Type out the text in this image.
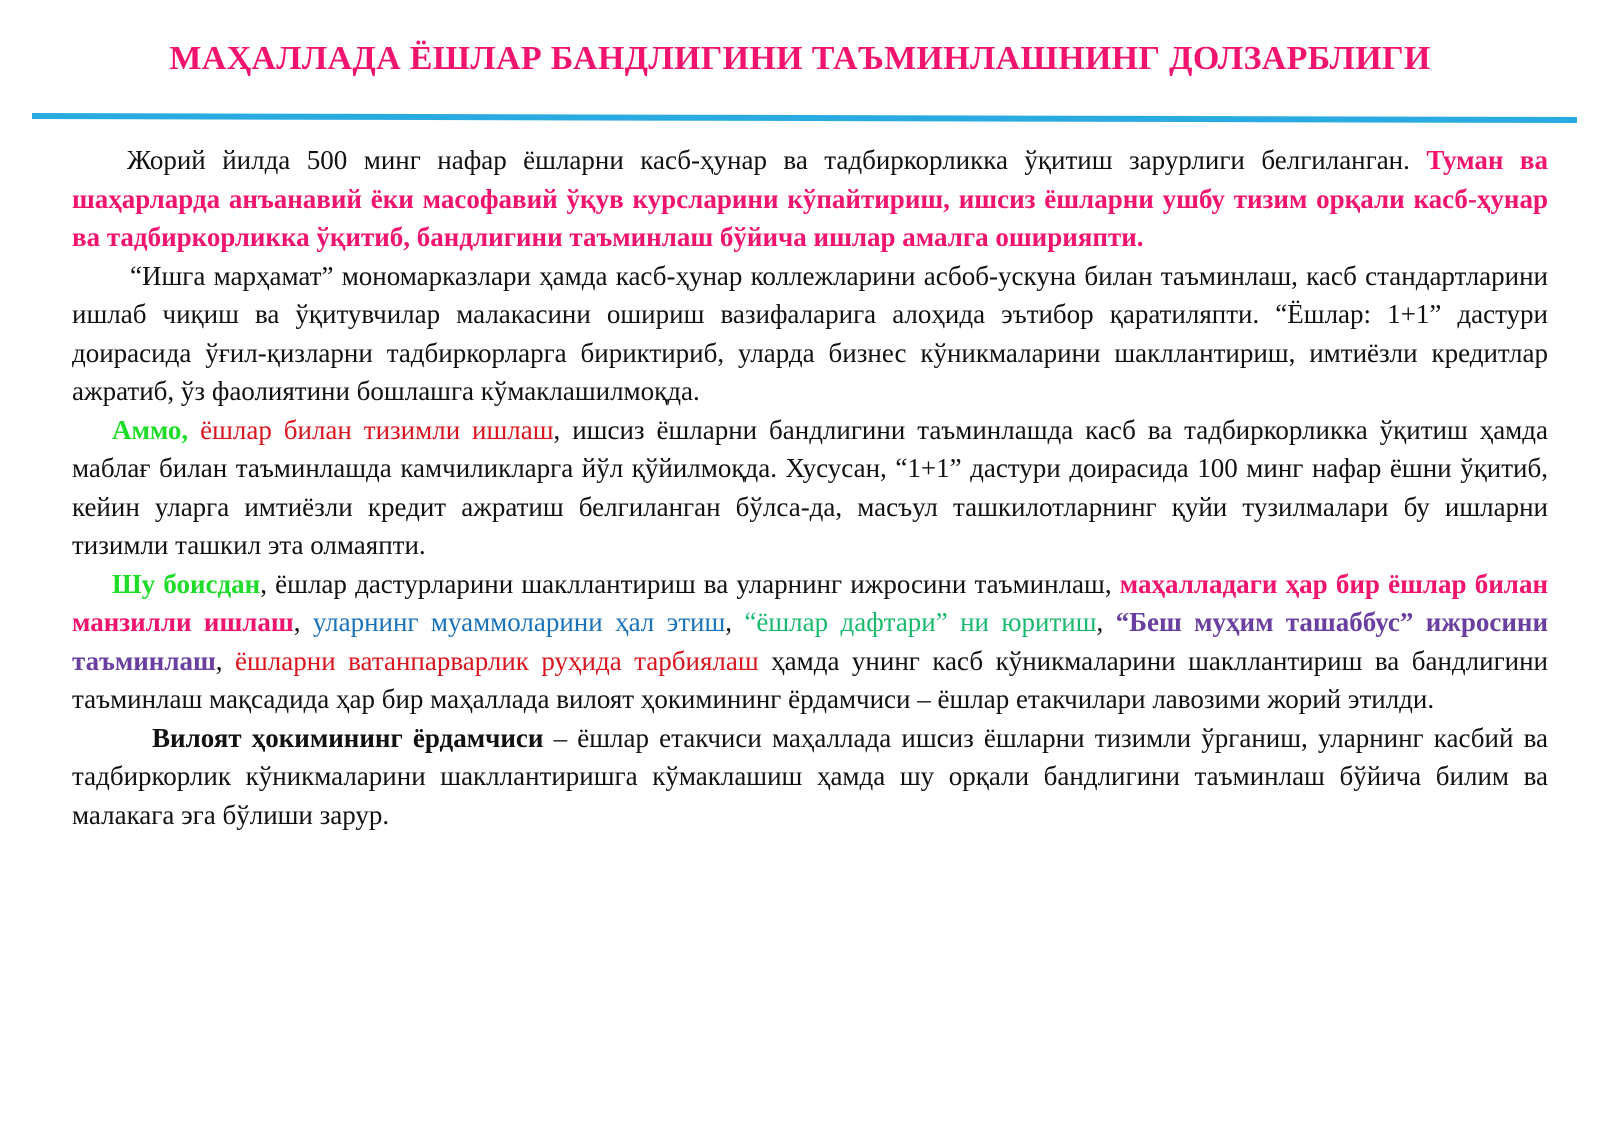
МАҲАЛЛАДА ЁШЛАР БАНДЛИГИНИ ТАЪМИНЛАШНИНГ ДОЛЗАРБЛИГИ

Жорий йилда 500 минг нафар ёшларни касб-ҳунар ва тадбиркорликка ўқитиш зарурлиги белгиланган. Туман ва шаҳарларда анъанавий ёки масофавий ўқув курсларини кўпайтириш, ишсиз ёшларни ушбу тизим орқали касб-ҳунар ва тадбиркорликка ўқитиб, бандлигини таъминлаш бўйича ишлар амалга оширияпти.

“Ишга марҳамат” мономарказлари ҳамда касб-ҳунар коллежларини асбоб-ускуна билан таъминлаш, касб стандартларини ишлаб чиқиш ва ўқитувчилар малакасини ошириш вазифаларига алоҳида эътибор қаратиляпти. “Ёшлар: 1+1” дастури доирасида ўғил-қизларни тадбиркорларга бириктириб, уларда бизнес кўникмаларини шакллантириш, имтиёзли кредитлар ажратиб, ўз фаолиятини бошлашга кўмаклашилмоқда.

Аммо, ёшлар билан тизимли ишлаш, ишсиз ёшларни бандлигини таъминлашда касб ва тадбиркорликка ўқитиш ҳамда маблағ билан таъминлашда камчиликларга йўл қўйилмоқда. Хусусан, “1+1” дастури доирасида 100 минг нафар ёшни ўқитиб, кейин уларга имтиёзли кредит ажратиш белгиланган бўлса-да, масъул ташкилотларнинг қуйи тузилмалари бу ишларни тизимли ташкил эта олмаяпти.

Шу боисдан, ёшлар дастурларини шакллантириш ва уларнинг ижросини таъминлаш, маҳалладаги ҳар бир ёшлар билан манзилли ишлаш, уларнинг муаммоларини ҳал этиш, “ёшлар дафтари” ни юритиш, “Беш муҳим ташаббус” ижросини таъминлаш, ёшларни ватанпарварлик руҳида тарбиялаш ҳамда унинг касб кўникмаларини шакллантириш ва бандлигини таъминлаш мақсадида ҳар бир маҳаллада вилоят ҳокимининг ёрдамчиси – ёшлар етакчилари лавозими жорий этилди.

Вилоят ҳокимининг ёрдамчиси – ёшлар етакчиси маҳаллада ишсиз ёшларни тизимли ўрганиш, уларнинг касбий ва тадбиркорлик кўникмаларини шакллантиришга кўмаклашиш ҳамда шу орқали бандлигини таъминлаш бўйича билим ва малакага эга бўлиши зарур.
